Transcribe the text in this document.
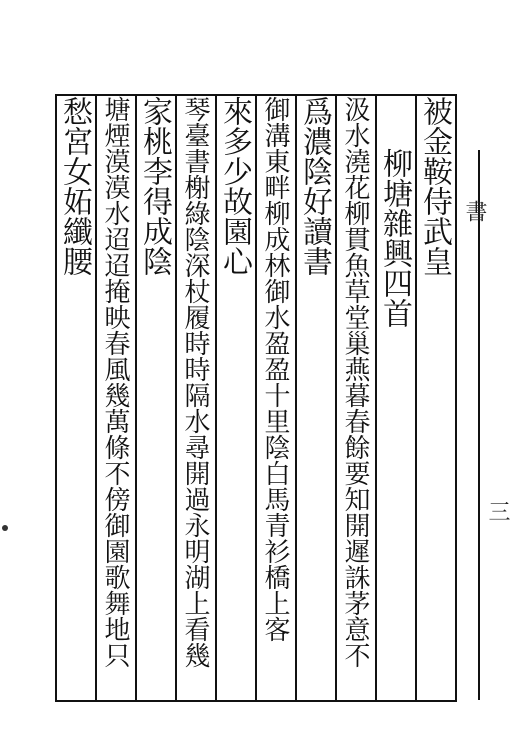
書
三
被金鞍侍武皇
柳塘雜興四首
汲水澆花柳貫魚草堂巢燕暮春餘要知開遲誅茅意不
爲濃陰好讀書
御溝東畔柳成林御水盈盈十里陰白馬青衫橋上客
來多少故園心
琴臺書榭綠陰深杖履時時隔水尋開過永明湖上看幾
家桃李得成陰
塘煙漠漠水迢迢掩映春風幾萬條不傍御園歌舞地只
愁宮女妬纖腰
